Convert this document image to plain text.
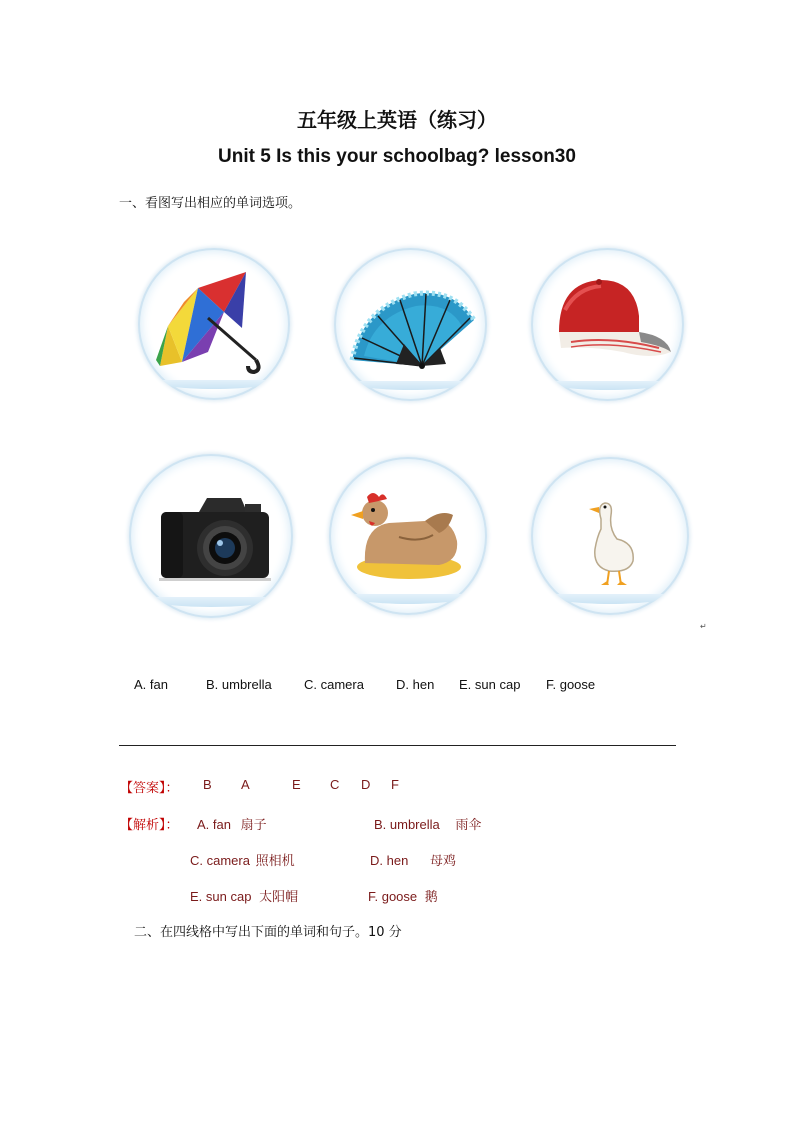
五年级上英语（练习）
Unit 5 Is this your schoolbag? lesson30
一、看图写出相应的单词选项。
↵
A. fan	B. umbrella C. camera D. hen E. sun cap F. goose
【答案】： B A	E C D F
【解析】： A. fan 扇子	B. umbrella 雨伞
C. camera 照相机	D. hen 母鸡
E. sun cap 太阳帽	F. goose 鹅
二、在四线格中写出下面的单词和句子。10 分
